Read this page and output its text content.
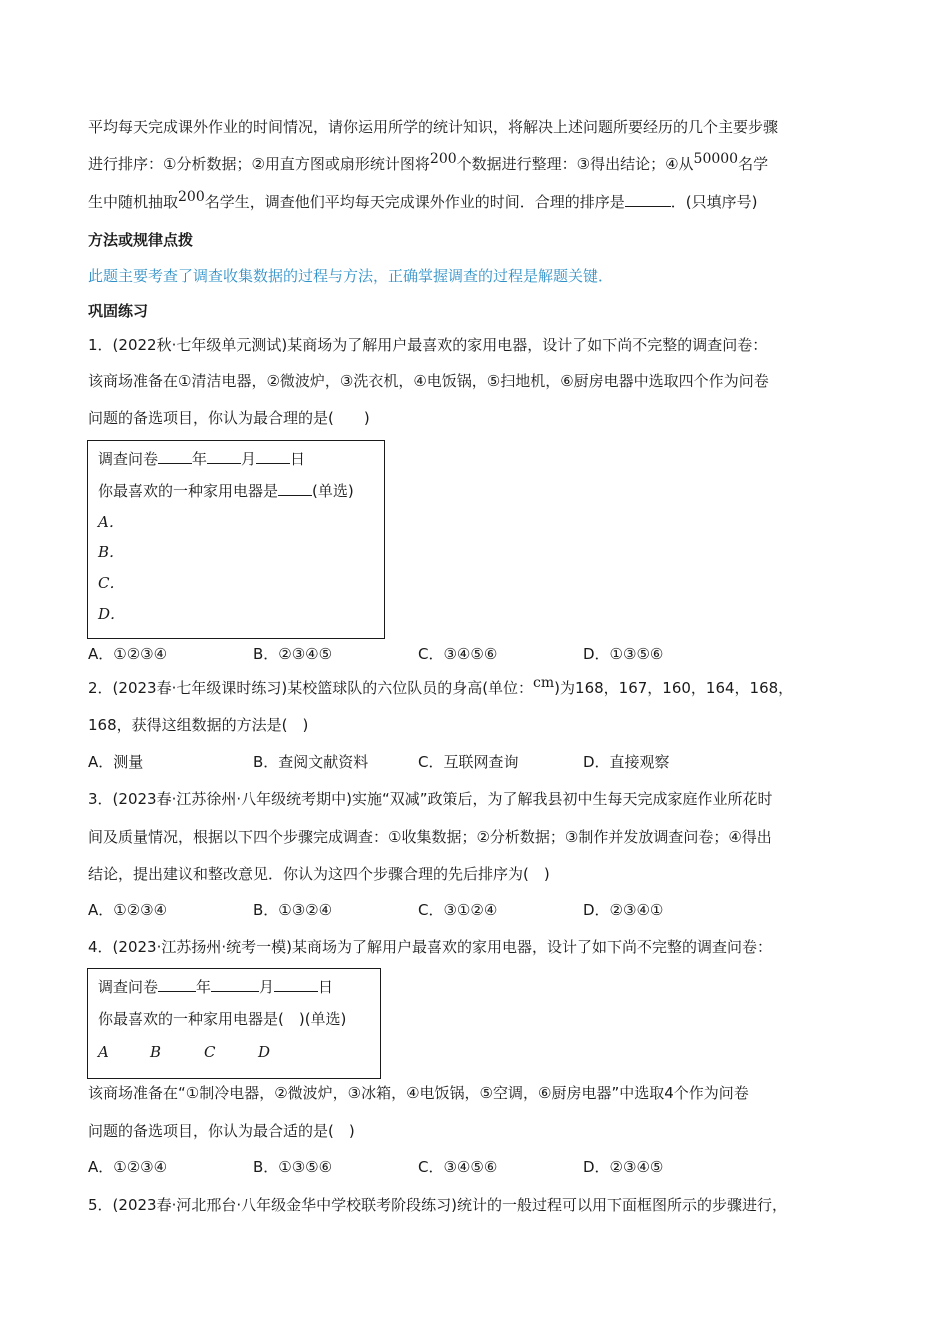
平均每天完成课外作业的时间情况，请你运用所学的统计知识，将解决上述问题所要经历的几个主要步骤
进行排序：①分析数据；②用直方图或扇形统计图将200个数据进行整理：③得出结论；④从50000名学
生中随机抽取200名学生，调查他们平均每天完成课外作业的时间．合理的排序是	．(只填序号)
方法或规律点拨
此题主要考查了调查收集数据的过程与方法，正确掌握调查的过程是解题关键．
巩固练习
1．(2022秋·七年级单元测试)某商场为了解用户最喜欢的家用电器，设计了如下尚不完整的调查问卷：
该商场准备在①清洁电器，②微波炉，③洗衣机，④电饭锅，⑤扫地机，⑥厨房电器中选取四个作为问卷
问题的备选项目，你认为最合理的是(　　)
调查问卷 年 月 日
你最喜欢的一种家用电器是 (单选)
A．
B．
C．
D．
A．①②③④	B．②③④⑤	C．③④⑤⑥	D．①③⑤⑥
2．(2023春·七年级课时练习)某校篮球队的六位队员的身高(单位：cm)为168，167，160，164，168，
168，获得这组数据的方法是(　)
A．测量	B．查阅文献资料	C．互联网查询	D．直接观察
3．(2023春·江苏徐州·八年级统考期中)实施“双减”政策后，为了解我县初中生每天完成家庭作业所花时
间及质量情况，根据以下四个步骤完成调查：①收集数据；②分析数据；③制作并发放调查问卷；④得出
结论，提出建议和整改意见．你认为这四个步骤合理的先后排序为(　)
A．①②③④	B．①③②④	C．③①②④	D．②③④①
4．(2023·江苏扬州·统考一模)某商场为了解用户最喜欢的家用电器，设计了如下尚不完整的调查问卷：
调查问卷	年	月	日
你最喜欢的一种家用电器是(　)(单选)
A	B	C	D
该商场准备在“①制冷电器，②微波炉，③冰箱，④电饭锅，⑤空调，⑥厨房电器”中选取4个作为问卷
问题的备选项目，你认为最合适的是(　)
A．①②③④	B．①③⑤⑥	C．③④⑤⑥	D．②③④⑤
5．(2023春·河北邢台·八年级金华中学校联考阶段练习)统计的一般过程可以用下面框图所示的步骤进行，
